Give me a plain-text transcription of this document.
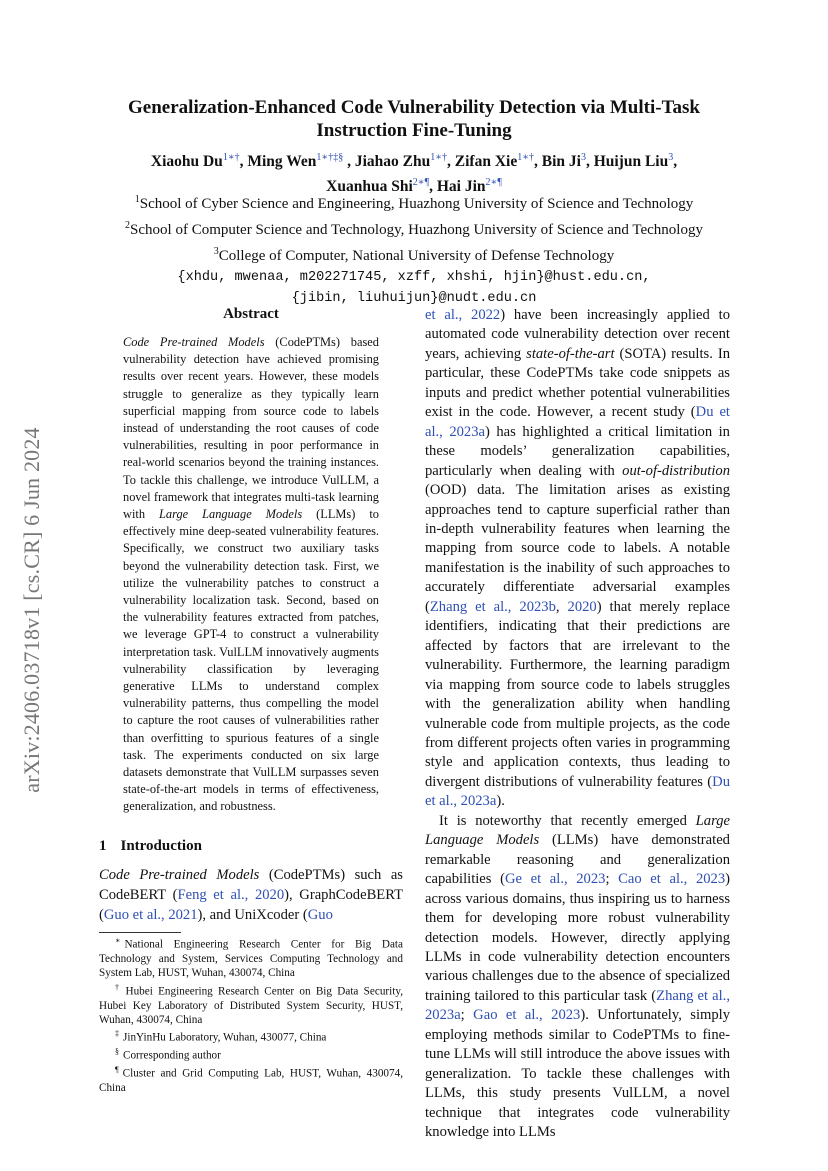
arXiv:2406.03718v1 [cs.CR] 6 Jun 2024
Generalization-Enhanced Code Vulnerability Detection via Multi-Task
Instruction Fine-Tuning
Xiaohu $Du^{1∗\dagger}$, Ming Wen$^{1∗\dagger\ddagger\S}$ , Jiahao Zhu$^{1∗\dagger}$, Zifan Xie$^{1∗\dagger}$, Bin Ji$^3$, Huijun Liu$^3$,
Xuanhua Shi$^{2∗\P}$, Hai Jin$^{2∗\P}$
$^1$School of Cyber Science and Engineering, Huazhong University of Science and Technology
$^2$School of Computer Science and Technology, Huazhong University of Science and Technology
$^3$College of Computer, National University of Defense Technology
{xhdu, mwenaa, m202271745, xzff, xhshi, hjin}@hust.edu.cn,
{jibin, liuhuijun}@nudt.edu.cn
Abstract
Code Pre-trained Models (CodePTMs) based vulnerability detection have achieved promising results over recent years. However, these models struggle to generalize as they typically learn superficial mapping from source code to labels instead of understanding the root causes of code vulnerabilities, resulting in poor performance in real-world scenarios beyond the training instances. To tackle this challenge, we introduce VulLLM, a novel framework that integrates multi-task learning with Large Language Models (LLMs) to effectively mine deep-seated vulnerability features. Specifically, we construct two auxiliary tasks beyond the vulnerability detection task. First, we utilize the vulnerability patches to construct a vulnerability localization task. Second, based on the vulnerability features extracted from patches, we leverage GPT-4 to construct a vulnerability interpretation task. VulLLM innovatively augments vulnerability classification by leveraging generative LLMs to understand complex vulnerability patterns, thus compelling the model to capture the root causes of vulnerabilities rather than overfitting to spurious features of a single task. The experiments conducted on six large datasets demonstrate that VulLLM surpasses seven state-of-the-art models in terms of effectiveness, generalization, and robustness.
1 Introduction
Code Pre-trained Models (CodePTMs) such as CodeBERT (Feng et al., 2020), GraphCodeBERT (Guo et al., 2021), and UniXcoder (Guo

∗ National Engineering Research Center for Big Data Technology and System, Services Computing Technology and System Lab, HUST, Wuhan, 430074, China

† Hubei Engineering Research Center on Big Data Security, Hubei Key Laboratory of Distributed System Security, HUST, Wuhan, 430074, China

‡ JinYinHu Laboratory, Wuhan, 430077, China

§ Corresponding author

¶ Cluster and Grid Computing Lab, HUST, Wuhan, 430074, China

et al., 2022) have been increasingly applied to automated code vulnerability detection over recent years, achieving state-of-the-art (SOTA) results. In particular, these CodePTMs take code snippets as inputs and predict whether potential vulnerabilities exist in the code. However, a recent study (Du et al., 2023a) has highlighted a critical limitation in these models’ generalization capabilities, particularly when dealing with out-of-distribution (OOD) data. The limitation arises as existing approaches tend to capture superficial rather than in-depth vulnerability features when learning the mapping from source code to labels. A notable manifestation is the inability of such approaches to accurately differentiate adversarial examples (Zhang et al., 2023b, 2020) that merely replace identifiers, indicating that their predictions are affected by factors that are irrelevant to the vulnerability. Furthermore, the learning paradigm via mapping from source code to labels struggles with the generalization ability when handling vulnerable code from multiple projects, as the code from different projects often varies in programming style and application contexts, thus leading to divergent distributions of vulnerability features (Du et al., 2023a).

It is noteworthy that recently emerged Large Language Models (LLMs) have demonstrated remarkable reasoning and generalization capabilities (Ge et al., 2023; Cao et al., 2023) across various domains, thus inspiring us to harness them for developing more robust vulnerability detection models. However, directly applying LLMs in code vulnerability detection encounters various challenges due to the absence of specialized training tailored to this particular task (Zhang et al., 2023a; Gao et al., 2023). Unfortunately, simply employing methods similar to CodePTMs to fine-tune LLMs will still introduce the above issues with generalization. To tackle these challenges with LLMs, this study presents VulLLM, a novel technique that integrates code vulnerability knowledge into LLMs
